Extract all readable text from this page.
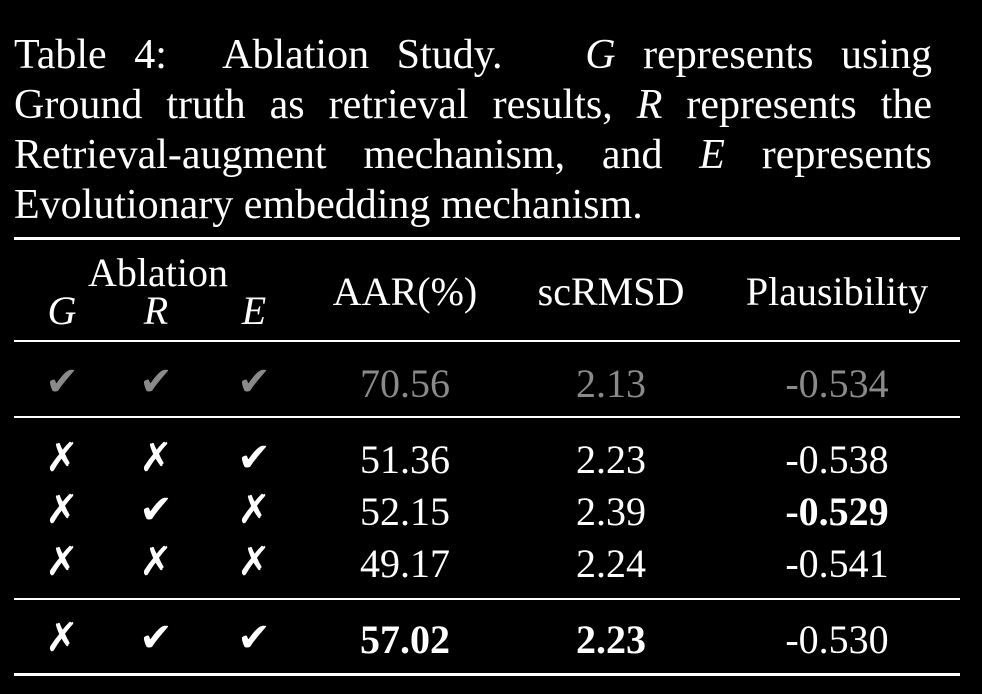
Table 4: Ablation Study. G represents using
Ground truth as retrieval results, R represents the
Retrieval-augment mechanism, and E represents
Evolutionary embedding mechanism.
Ablation
G R E AAR(%) scRMSD Plausibility
✔ ✔ ✔ 70.56	2.13	-0.534
✗ ✗ ✔ 51.36	2.23	-0.538
✗ ✔ ✗ 52.15	2.39	-0.529
✗ ✗ ✗ 49.17	2.24	-0.541
✗ ✔ ✔ 57.02	2.23	-0.530
